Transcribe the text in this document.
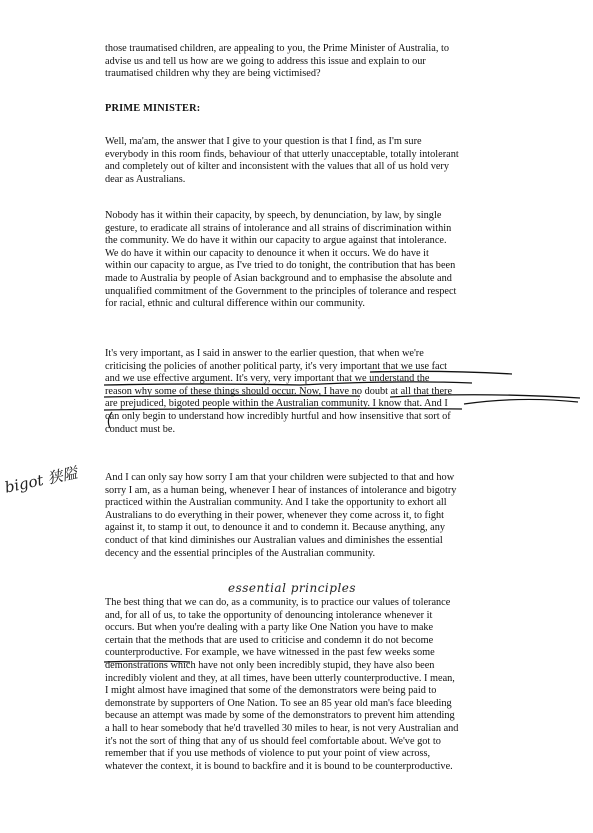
those traumatised children, are appealing to you, the Prime Minister of Australia, to
advise us and tell us how are we going to address this issue and explain to our
traumatised children why they are being victimised?
PRIME MINISTER:
Well, ma'am, the answer that I give to your question is that I find, as I'm sure
everybody in this room finds, behaviour of that utterly unacceptable, totally intolerant
and completely out of kilter and inconsistent with the values that all of us hold very
dear as Australians.
Nobody has it within their capacity, by speech, by denunciation, by law, by single
gesture, to eradicate all strains of intolerance and all strains of discrimination within
the community. We do have it within our capacity to argue against that intolerance.
We do have it within our capacity to denounce it when it occurs. We do have it
within our capacity to argue, as I've tried to do tonight, the contribution that has been
made to Australia by people of Asian background and to emphasise the absolute and
unqualified commitment of the Government to the principles of tolerance and respect
for racial, ethnic and cultural difference within our community.
It's very important, as I said in answer to the earlier question, that when we're
criticising the policies of another political party, it's very important that we use fact
and we use effective argument. It's very, very important that we understand the
reason why some of these things should occur. Now, I have no doubt at all that there
are prejudiced, bigoted people within the Australian community. I know that. And I
can only begin to understand how incredibly hurtful and how insensitive that sort of
conduct must be.
And I can only say how sorry I am that your children were subjected to that and how
sorry I am, as a human being, whenever I hear of instances of intolerance and bigotry
practiced within the Australian community. And I take the opportunity to exhort all
Australians to do everything in their power, whenever they come across it, to fight
against it, to stamp it out, to denounce it and to condemn it. Because anything, any
conduct of that kind diminishes our Australian values and diminishes the essential
decency and the essential principles of the Australian community.
The best thing that we can do, as a community, is to practice our values of tolerance
and, for all of us, to take the opportunity of denouncing intolerance whenever it
occurs. But when you're dealing with a party like One Nation you have to make
certain that the methods that are used to criticise and condemn it do not become
counterproductive. For example, we have witnessed in the past few weeks some
demonstrations which have not only been incredibly stupid, they have also been
incredibly violent and they, at all times, have been utterly counterproductive. I mean,
I might almost have imagined that some of the demonstrators were being paid to
demonstrate by supporters of One Nation. To see an 85 year old man's face bleeding
because an attempt was made by some of the demonstrators to prevent him attending
a hall to hear somebody that he'd travelled 30 miles to hear, is not very Australian and
it's not the sort of thing that any of us should feel comfortable about. We've got to
remember that if you use methods of violence to put your point of view across,
whatever the context, it is bound to backfire and it is bound to be counterproductive.
bigot 狭隘
essential principles
